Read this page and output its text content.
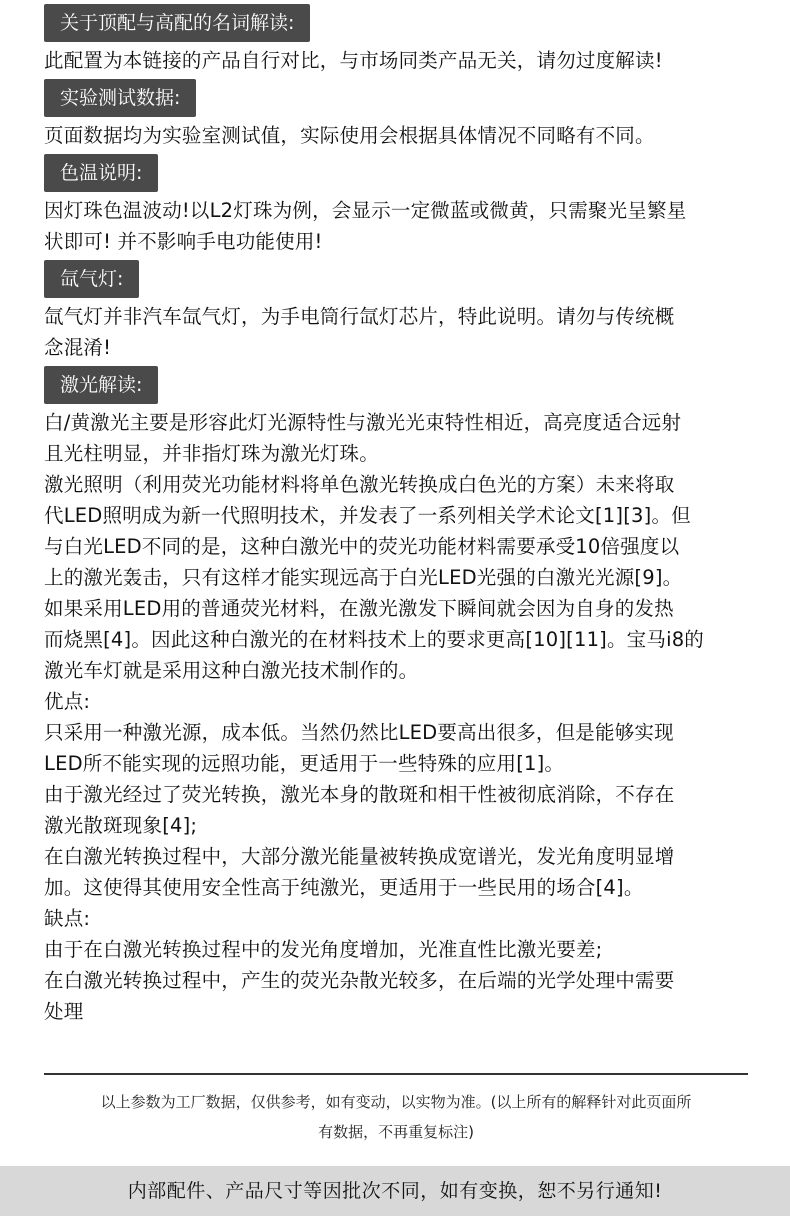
关于顶配与高配的名词解读:

此配置为本链接的产品自行对比，与市场同类产品无关，请勿过度解读!

实验测试数据:

页面数据均为实验室测试值，实际使用会根据具体情况不同略有不同。

色温说明:

因灯珠色温波动!以L2灯珠为例，会显示一定微蓝或微黄，只需聚光呈繁星

状即可! 并不影响手电功能使用!

氙气灯:

氙气灯并非汽车氙气灯，为手电筒行氙灯芯片，特此说明。请勿与传统概

念混淆!

激光解读:

白/黄激光主要是形容此灯光源特性与激光光束特性相近，高亮度适合远射

且光柱明显，并非指灯珠为激光灯珠。

激光照明（利用荧光功能材料将单色激光转换成白色光的方案）未来将取

代LED照明成为新一代照明技术，并发表了一系列相关学术论文[1][3]。但

与白光LED不同的是，这种白激光中的荧光功能材料需要承受10倍强度以

上的激光轰击，只有这样才能实现远高于白光LED光强的白激光光源[9]。

如果采用LED用的普通荧光材料，在激光激发下瞬间就会因为自身的发热

而烧黑[4]。因此这种白激光的在材料技术上的要求更高[10][11]。宝马i8的

激光车灯就是采用这种白激光技术制作的。

优点:

只采用一种激光源，成本低。当然仍然比LED要高出很多，但是能够实现

LED所不能实现的远照功能，更适用于一些特殊的应用[1]。

由于激光经过了荧光转换，激光本身的散斑和相干性被彻底消除，不存在

激光散斑现象[4];

在白激光转换过程中，大部分激光能量被转换成宽谱光，发光角度明显增

加。这使得其使用安全性高于纯激光，更适用于一些民用的场合[4]。

缺点:

由于在白激光转换过程中的发光角度增加，光准直性比激光要差;

在白激光转换过程中，产生的荧光杂散光较多，在后端的光学处理中需要

处理

以上参数为工厂数据，仅供参考，如有变动，以实物为准。(以上所有的解释针对此页面所
有数据，不再重复标注)
内部配件、产品尺寸等因批次不同，如有变换，恕不另行通知!
